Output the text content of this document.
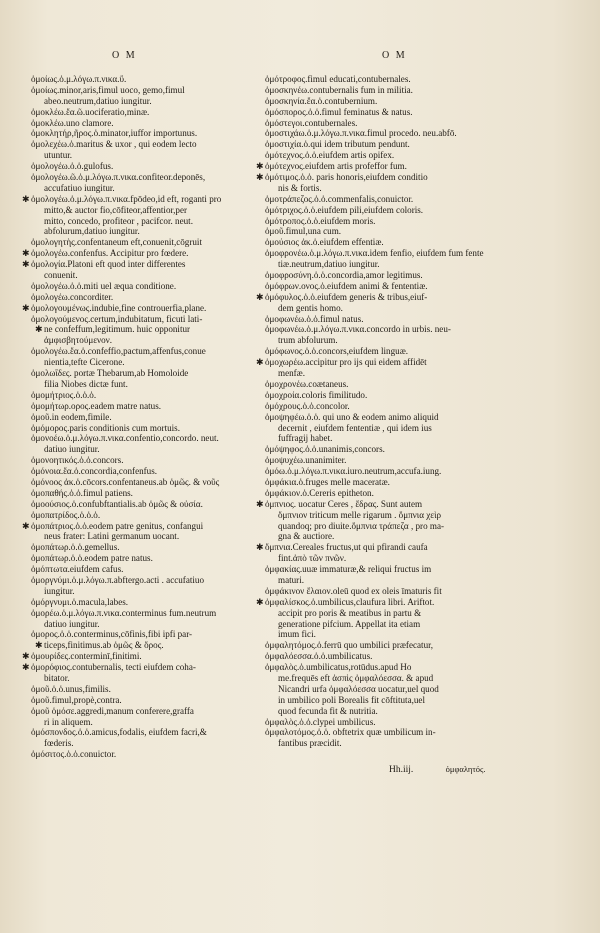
O M	O M
ὁμοίως.ὁ.μ.λόγω.π.νικα.ὕ.
ὁμοίως.minor,aris,fimul uoco, gemo,fimul
abeo.neutrum,datiuo iungitur.
ὁμοκλέω.ἔα.ῶ.uociferatio,minæ.
ὁμοκλέω.uno clamore.
ὁμοκλητήρ,ῆρος.ὁ.minator,iuffor importunus.
ὁμολεχέω.ὁ.maritus & uxor , qui eodem lecto
utuntur.
ὁμολογέω.ὁ.ὁ.gulofus.
ὁμολογέω.ῶ.ὁ.μ.λόγω.π.νικα.confiteor.deponēs,
accufatiuo iungitur.
✱ὁμολογέω.ὁ.μ.λόγω.π.νικα.fpōdeo,id eft, roganti pro
mitto,& auctor fio,cōfiteor,affentior,per
mitto, concedo, profiteor , pacifcor. neut.
abfolurum,datiuo iungitur.
ὁμολογητὴς.confentaneum eft,conuenit,cōgruit
✱ὁμολογέω.confenfus. Accipitur pro fœdere.
✱ὁμολογία.Platoni eft quod inter differentes
conuenit.
ὁμολογέω.ὁ.ὁ.miti uel æqua conditione.
ὁμολογέω.concorditer.
✱ὁμολογουμένως.indubie,fine controuerfia,plane.
ὁμολογούμενος.certum,indubitatum, ficuti lati-
✱ne confeffum,legitimum. huic opponitur
ἀμφισβητούμενον.
ὁμολογέω.ἔα.ὁ.confeffio,pactum,affenfus,conue
nientia,tefte Cicerone.
ὁμολωΐδες. portæ Thebarum,ab Homoloide
filia Niobes dictæ funt.
ὁμομήτριος.ὁ.ὁ.ὁ.
ὁμομήτωρ.ορος.eadem matre natus.
ὁμοῦ.in eodem,fimile.
ὁμόμορος.paris conditionis cum mortuis.
ὁμονοέω.ὁ.μ.λόγω.π.νικα.confentio,concordo. neut.
datiuo iungitur.
ὁμονοητικός.ὁ.ὁ.concors.
ὁμόνοια.ἔα.ὁ.concordia,confenfus.
ὁμόνοος ἀκ.ὁ.cōcors.confentaneus.ab ὁμῶς. & νοῦς
ὁμοπαθής.ὁ.ὁ.fimul patiens.
ὁμοούσιος.ὁ.confubftantialis.ab ὁμῶς & οὐσία.
ὁμοπατρίδος.ὁ.ὁ.ὁ.
✱ὁμοπάτριος.ὁ.ὁ.eodem patre genitus, confangui
neus frater: Latini germanum uocant.
ὁμοπάτωρ.ὁ.ὁ.gemellus.
ὁμοπάτωρ.ὁ.ὁ.eodem patre natus.
ὁμόπτωτα.eiufdem cafus.
ὁμοργνύμι.ὁ.μ.λόγω.π.abftergo.acti . accufatiuo
iungitur.
ὁμόργνυμι.ὁ.macula,labes.
ὁμορέω.ὁ.μ.λόγω.π.νικα.conterminus fum.neutrum
datiuo iungitur.
ὁμορος.ὁ.ὁ.conterminus,cōfinis,fibi ipfi par-
✱ticeps,finitimus.ab ὁμῶς & ὅρος.
✱ὁμουρίδες.conterminī,finitimi.
✱ὁμορόφιος.contubernalis, tecti eiufdem coha-
bitator.
ὁμοῦ.ὁ.ὁ.unus,fimilis.
ὁμοῦ.fimul,propè,contra.
ὁμοῦ ὁμόσε.aggredi,manum conferere,graffa
ri in aliquem.
ὁμόσπονδος.ὁ.ὁ.amicus,fodalis, eiufdem facri,&
fœderis.
ὁμόσιτος.ὁ.ὁ.conuictor.
ὁμότροφος.fimul educati,contubernales.
ὁμοσκηνέω.contubernalis fum in militia.
ὁμοσκηνία.ἔα.ὁ.contubernium.
ὁμόσπορος.ὁ.ὁ.fimul feminatus & natus.
ὁμόστεγοι.contubernales.
ὁμοστιχάω.ὁ.μ.λόγω.π.νικα.fimul procedo. neu.abfō.
ὁμοστιχία.ὁ.qui idem tributum pendunt.
ὁμότεχνος.ὁ.ὁ.eiufdem artis opifex.
✱ὁμότεχνος.eiufdem artis profeffor fum.
✱ὁμότιμος.ὁ.ὁ. paris honoris,eiufdem conditio
nis & fortis.
ὁμοτράπεζος.ὁ.ὁ.commenfalis,conuictor.
ὁμότριχος.ὁ.ὁ.eiufdem pili,eiufdem coloris.
ὁμότροπος.ὁ.ὁ.eiufdem moris.
ὁμοῦ.fimul,una cum.
ὁμούσιος ἀκ.ὁ.eiufdem effentiæ.
ὁμοφρονέω.ὁ.μ.λόγω.π.νικα.idem fenfio, eiufdem fum fente
tiæ.neutrum,datiuo iungitur.
ὁμοφροσύνη.ὁ.ὁ.concordia,amor legitimus.
ὁμόφρων.ονος.ὁ.eiufdem animi & fententiæ.
✱ὁμόφυλος.ὁ.ὁ.eiufdem generis & tribus,eiuf-
dem gentis homo.
ὁμοφωνέω.ὁ.ὁ.fimul natus.
ὁμοφωνέω.ὁ.μ.λόγω.π.νικα.concordo in urbis. neu-
trum abfolurum.
ὁμόφωνος.ὁ.ὁ.concors,eiufdem linguæ.
✱ὁμοχωρέω.accipitur pro ijs qui eidem affidēt
menfæ.
ὁμοχρονέω.coætaneus.
ὁμοχροία.coloris fimilitudo.
ὁμόχρους.ὁ.ὁ.concolor.
ὁμοψηφέω.ὁ.ὁ. qui uno & eodem animo aliquid
decernit , eiufdem fententiæ , qui idem ius
fuffragij habet.
ὁμόψηφος.ὁ.ὁ.unanimis,concors.
ὁμοψυχέω.unanimiter.
ὁμόω.ὁ.μ.λόγω.π.νικα.iuro.neutrum,accufa.iung.
ὀμφάκια.ὁ.fruges melle maceratæ.
ὀμφάκιον.ὁ.Cereris epitheton.
✱ὀμπνιος. uocatur Ceres , ἔδρας. Sunt autem
ὄμπνιον triticum melle rigarum . ὄμπνια χεὶρ
quandoq; pro diuite.ὄμπνια τράπεζα , pro ma-
gna & auctiore.
✱ὄμπνια.Cereales fructus,ut qui pfirandi caufa
fint.ἀπὸ τῶν πνῶν.
ὀμφακίας.uuæ immaturæ,& reliqui fructus im
maturi.
ὀμφάκινον ἔλαιον.oleū quod ex oleis īmaturis fit
✱ὀμφαλίσκος.ὁ.umbilicus,claufura libri. Ariftot.
accipit pro poris & meatibus in partu &
generatione pifcium. Appellat ita etiam
imum fici.
ὀμφαλητόμος.ὁ.ferrū quo umbilici præfecatur,
ὀμφαλόεσσα.ὁ.ὁ.umbilicatus.
ὀμφαλὸς.ὁ.umbilicatus,rotūdus.apud Ho
me.frequēs eft ἀσπὶς ὀμφαλόεσσα. & apud
Nicandri urfa ὀμφαλόεσσα uocatur,uel quod
in umbilico poli Borealis fit cōftituta,uel
quod fecunda fit & nutritia.
ὀμφαλὸς.ὁ.ὁ.clypei umbilicus.
ὀμφαλοτόμος.ὁ.ὁ. obftetrix quæ umbilicum in-
fantibus præcidit.
Hh.iij.	ὀμφαλητός.
